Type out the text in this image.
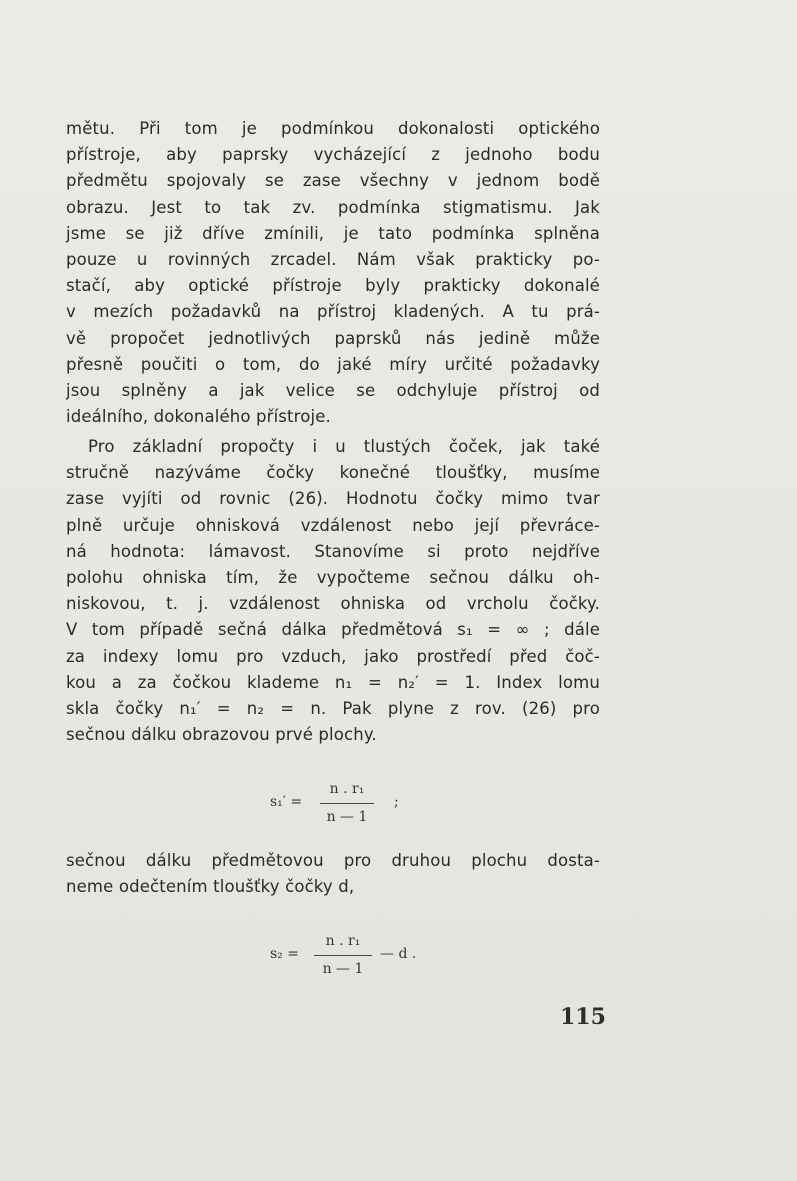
mětu. Při tom je podmínkou dokonalosti optického
přístroje, aby paprsky vycházející z jednoho bodu
předmětu spojovaly se zase všechny v jednom bodě
obrazu. Jest to tak zv. podmínka stigmatismu. Jak
jsme se již dříve zmínili, je tato podmínka splněna
pouze u rovinných zrcadel. Nám však prakticky po-
stačí, aby optické přístroje byly prakticky dokonalé
v mezích požadavků na přístroj kladených. A tu prá-
vě propočet jednotlivých paprsků nás jedině může
přesně poučiti o tom, do jaké míry určité požadavky
jsou splněny a jak velice se odchyluje přístroj od
ideálního, dokonalého přístroje.
Pro základní propočty i u tlustých čoček, jak také
stručně nazýváme čočky konečné tloušťky, musíme
zase vyjíti od rovnic (26). Hodnotu čočky mimo tvar
plně určuje ohnisková vzdálenost nebo její převráce-
ná hodnota: lámavost. Stanovíme si proto nejdříve
polohu ohniska tím, že vypočteme sečnou dálku oh-
niskovou, t. j. vzdálenost ohniska od vrcholu čočky.
V tom případě sečná dálka předmětová s₁ = ∞ ; dále
za indexy lomu pro vzduch, jako prostředí před čoč-
kou a za čočkou klademe n₁ = n₂′ = 1. Index lomu
skla čočky n₁′ = n₂ = n. Pak plyne z rov. (26) pro
sečnou dálku obrazovou prvé plochy.
s₁′ =
n . r₁
n — 1
;
sečnou dálku předmětovou pro druhou plochu dosta-
neme odečtením tloušťky čočky d,
s₂ =
n . r₁
n — 1
— d .
115
